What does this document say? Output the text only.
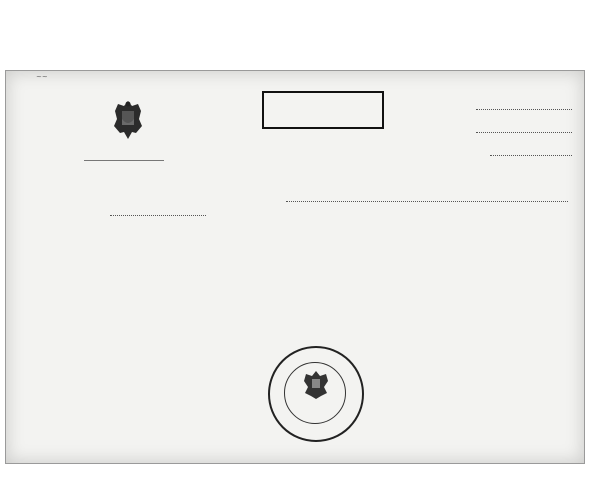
~~
